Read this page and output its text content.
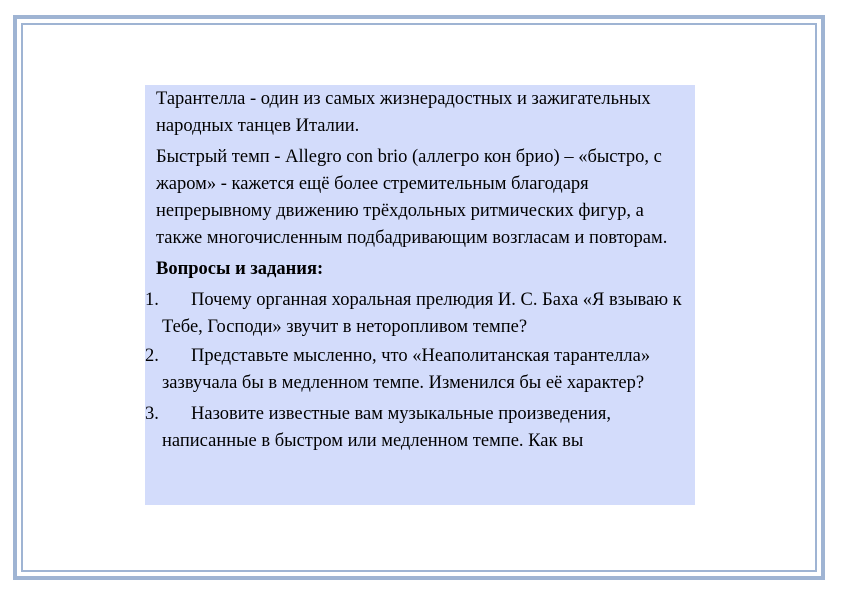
Тарантелла - один из самых жизнерадостных и зажигательных народных танцев Италии.

Быстрый темп - Allegro con brio (аллегро кон брио) – «быстро, с жаром» - кажется ещё более стремительным благодаря непрерывному движению трёхдольных ритмических фигур, а также многочисленным подбадривающим возгласам и повторам.

Вопросы и задания:

1. Почему органная хоральная прелюдия И. С. Баха «Я взываю к Тебе, Господи» звучит в неторопливом темпе?
2. Представьте мысленно, что «Неаполитанская тарантелла» зазвучала бы в медленном темпе. Изменился бы её характер?
3. Назовите известные вам музыкальные произведения, написанные в быстром или медленном темпе. Как вы
